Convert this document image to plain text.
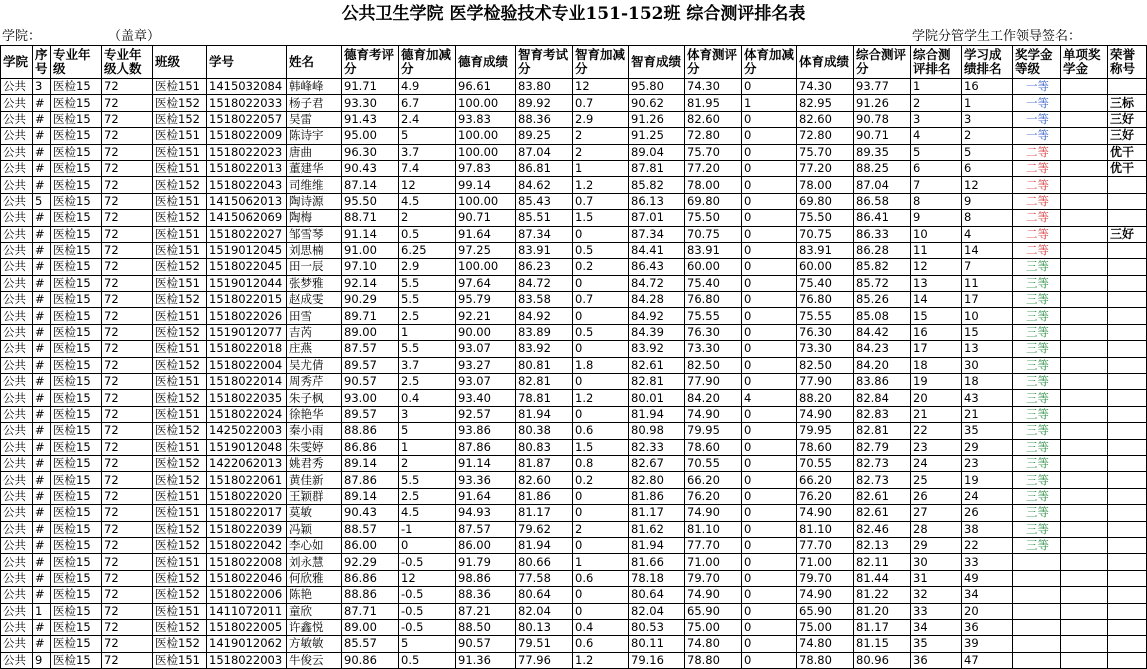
公共卫生学院 医学检验技术专业151-152班 综合测评排名表
学院：	（盖章）	学院分管学生工作领导签名：
学院	序号	专业年级	专业年级人数	班级	学号	姓名	德育考评分	德育加减分	德育成绩	智育考试分	智育加减分	智育成绩	体育测评分	体育加减分	体育成绩	综合测评分	综合测评排名	学习成绩排名	奖学金等级	单项奖学金	荣誉称号
公共	3	医检15	72	医检151	1415032084	韩峰峰	91.71	4.9	96.61	83.80	12	95.80	74.30	0	74.30	93.77	1	16	一等		
公共	#	医检15	72	医检152	1518022033	杨子君	93.30	6.7	100.00	89.92	0.7	90.62	81.95	1	82.95	91.26	2	1	一等		三标
公共	#	医检15	72	医检152	1518022057	吴雷	91.43	2.4	93.83	88.36	2.9	91.26	82.60	0	82.60	90.78	3	3	一等		三好
公共	#	医检15	72	医检151	1518022009	陈诗宇	95.00	5	100.00	89.25	2	91.25	72.80	0	72.80	90.71	4	2	一等		三好
公共	#	医检15	72	医检151	1518022023	唐曲	96.30	3.7	100.00	87.04	2	89.04	75.70	0	75.70	89.35	5	5	二等		优干
公共	#	医检15	72	医检151	1518022013	董建华	90.43	7.4	97.83	86.81	1	87.81	77.20	0	77.20	88.25	6	6	二等		优干
公共	#	医检15	72	医检152	1518022043	司维维	87.14	12	99.14	84.62	1.2	85.82	78.00	0	78.00	87.04	7	12	二等		
公共	5	医检15	72	医检151	1415062013	陶诗源	95.50	4.5	100.00	85.43	0.7	86.13	69.80	0	69.80	86.58	8	9	二等		
公共	#	医检15	72	医检152	1415062069	陶梅	88.71	2	90.71	85.51	1.5	87.01	75.50	0	75.50	86.41	9	8	二等		
公共	#	医检15	72	医检151	1518022027	邹雪琴	91.14	0.5	91.64	87.34	0	87.34	70.75	0	70.75	86.33	10	4	二等		三好
公共	#	医检15	72	医检151	1519012045	刘思楠	91.00	6.25	97.25	83.91	0.5	84.41	83.91	0	83.91	86.28	11	14	二等		
公共	#	医检15	72	医检152	1518022045	田一辰	97.10	2.9	100.00	86.23	0.2	86.43	60.00	0	60.00	85.82	12	7	三等		
公共	#	医检15	72	医检151	1519012044	张梦雅	92.14	5.5	97.64	84.72	0	84.72	75.40	0	75.40	85.72	13	11	三等		
公共	#	医检15	72	医检152	1518022015	赵成雯	90.29	5.5	95.79	83.58	0.7	84.28	76.80	0	76.80	85.26	14	17	三等		
公共	#	医检15	72	医检151	1518022026	田雪	89.71	2.5	92.21	84.92	0	84.92	75.55	0	75.55	85.08	15	10	三等		
公共	#	医检15	72	医检152	1519012077	吉芮	89.00	1	90.00	83.89	0.5	84.39	76.30	0	76.30	84.42	16	15	三等		
公共	#	医检15	72	医检151	1518022018	庄燕	87.57	5.5	93.07	83.92	0	83.92	73.30	0	73.30	84.23	17	13	三等		
公共	#	医检15	72	医检152	1518022004	吴尤倩	89.57	3.7	93.27	80.81	1.8	82.61	82.50	0	82.50	84.20	18	30	三等		
公共	#	医检15	72	医检151	1518022014	周秀芹	90.57	2.5	93.07	82.81	0	82.81	77.90	0	77.90	83.86	19	18	三等		
公共	#	医检15	72	医检152	1518022035	朱子枫	93.00	0.4	93.40	78.81	1.2	80.01	84.20	4	88.20	82.84	20	43	三等		
公共	#	医检15	72	医检151	1518022024	徐艳华	89.57	3	92.57	81.94	0	81.94	74.90	0	74.90	82.83	21	21	三等		
公共	#	医检15	72	医检152	1425022003	秦小雨	88.86	5	93.86	80.38	0.6	80.98	79.95	0	79.95	82.81	22	35	三等		
公共	#	医检15	72	医检151	1519012048	朱雯婷	86.86	1	87.86	80.83	1.5	82.33	78.60	0	78.60	82.79	23	29	三等		
公共	#	医检15	72	医检152	1422062013	姚君秀	89.14	2	91.14	81.87	0.8	82.67	70.55	0	70.55	82.73	24	23	三等		
公共	#	医检15	72	医检152	1518022061	黄佳新	87.86	5.5	93.36	82.60	0.2	82.80	66.20	0	66.20	82.73	25	19	三等		
公共	#	医检15	72	医检151	1518022020	王颖群	89.14	2.5	91.64	81.86	0	81.86	76.20	0	76.20	82.61	26	24	三等		
公共	#	医检15	72	医检151	1518022017	莫敏	90.43	4.5	94.93	81.17	0	81.17	74.90	0	74.90	82.61	27	26	三等		
公共	#	医检15	72	医检152	1518022039	冯颖	88.57	-1	87.57	79.62	2	81.62	81.10	0	81.10	82.46	28	38	三等		
公共	#	医检15	72	医检152	1518022042	李心如	86.00	0	86.00	81.94	0	81.94	77.70	0	77.70	82.13	29	22	三等		
公共	#	医检15	72	医检151	1518022008	刘永慧	92.29	-0.5	91.79	80.66	1	81.66	71.00	0	71.00	82.11	30	33			
公共	#	医检15	72	医检152	1518022046	何欣雅	86.86	12	98.86	77.58	0.6	78.18	79.70	0	79.70	81.44	31	49			
公共	#	医检15	72	医检152	1518022006	陈艳	88.86	-0.5	88.36	80.64	0	80.64	74.90	0	74.90	81.22	32	34			
公共	1	医检15	72	医检151	1411072011	童欣	87.71	-0.5	87.21	82.04	0	82.04	65.90	0	65.90	81.20	33	20			
公共	#	医检15	72	医检152	1518022005	许鑫悦	89.00	-0.5	88.50	80.13	0.4	80.53	75.00	0	75.00	81.17	34	36			
公共	#	医检15	72	医检152	1419012062	方敏敏	85.57	5	90.57	79.51	0.6	80.11	74.80	0	74.80	81.15	35	39			
公共	9	医检15	72	医检151	1518022003	牛俊云	90.86	0.5	91.36	77.96	1.2	79.16	78.80	0	78.80	80.96	36	47			
